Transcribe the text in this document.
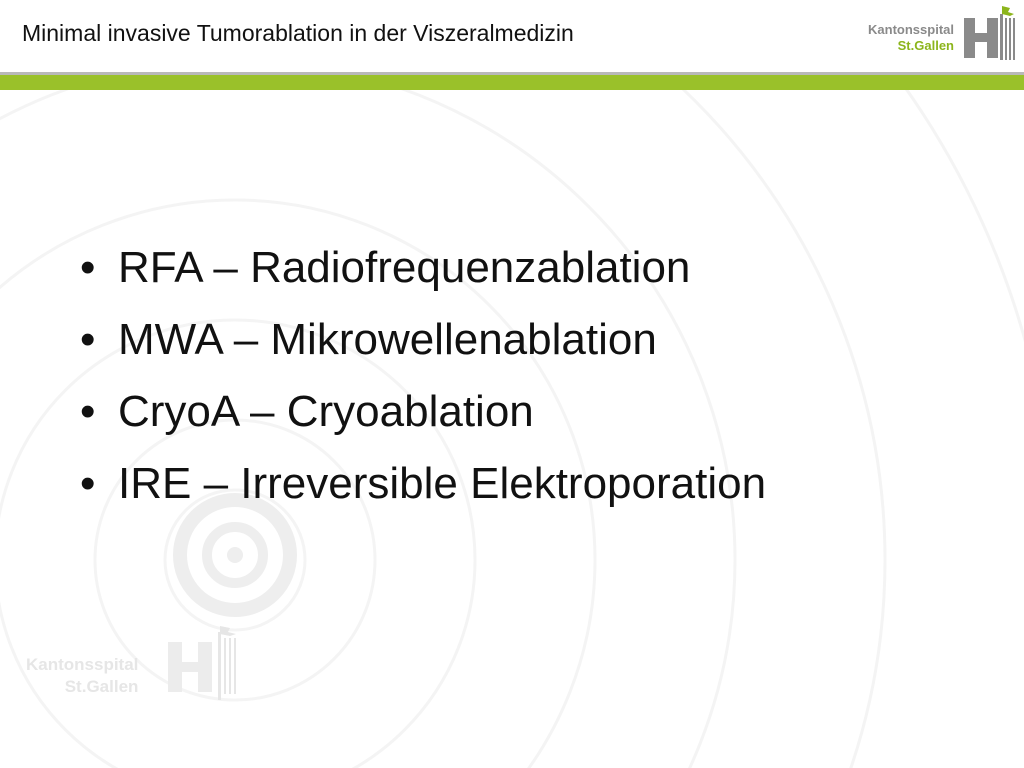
Minimal invasive Tumorablation in der Viszeralmedizin	Kantonsspital
St.Gallen
• RFA – Radiofrequenzablation
• MWA – Mikrowellenablation
• CryoA – Cryoablation
• IRE – Irreversible Elektroporation
Kantonsspital
St.Gallen
